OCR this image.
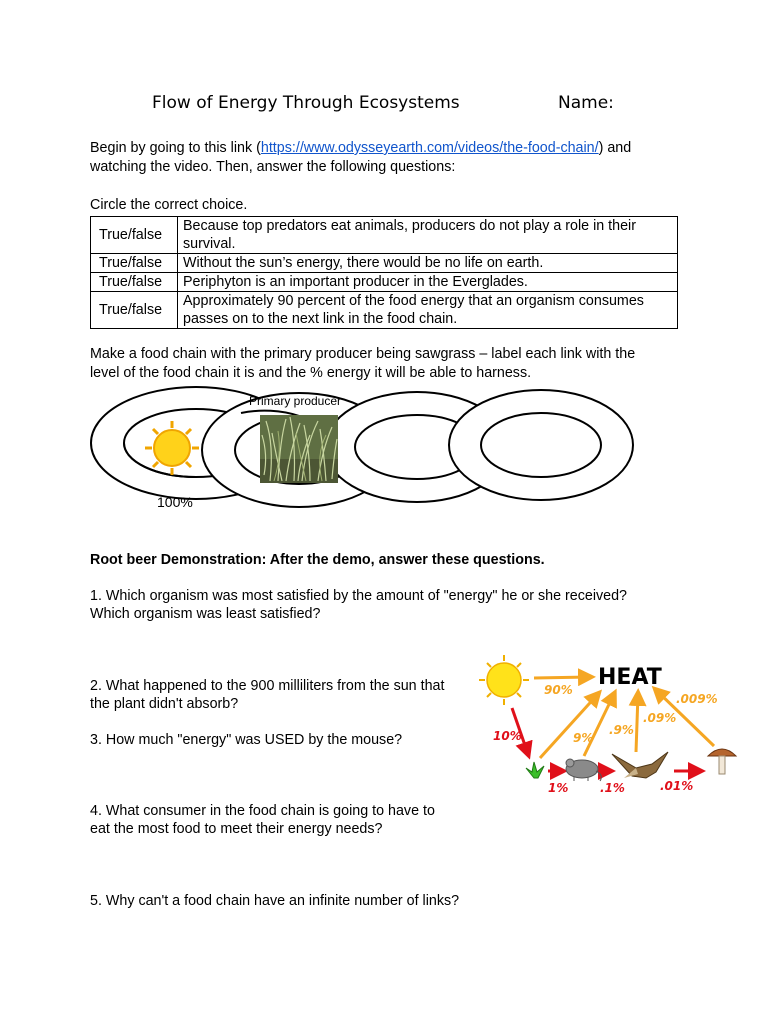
Flow of Energy Through Ecosystems	Name:
Begin by going to this link (https://www.odysseyearth.com/videos/the-food-chain/) and
watching the video. Then, answer the following questions:
Circle the correct choice.
True/false	Because top predators eat animals, producers do not play a role in their
survival.
True/false	Without the sun’s energy, there would be no life on earth.
True/false	Periphyton is an important producer in the Everglades.
True/false	Approximately 90 percent of the food energy that an organism consumes
passes on to the next link in the food chain.
Make a food chain with the primary producer being sawgrass – label each link with the
level of the food chain it is and the % energy it will be able to harness.
Primary producer
100%
Root beer Demonstration: After the demo, answer these questions.
1. Which organism was most satisfied by the amount of "energy" he or she received?
Which organism was least satisfied?
2. What happened to the 900 milliliters from the sun that
the plant didn't absorb?
3. How much "energy" was USED by the mouse?
4. What consumer in the food chain is going to have to
eat the most food to meet their energy needs?
5. Why can't a food chain have an infinite number of links?
HEAT
90%
10%	9%
.9%
.09%
.009%
1%	.1%	.01%
